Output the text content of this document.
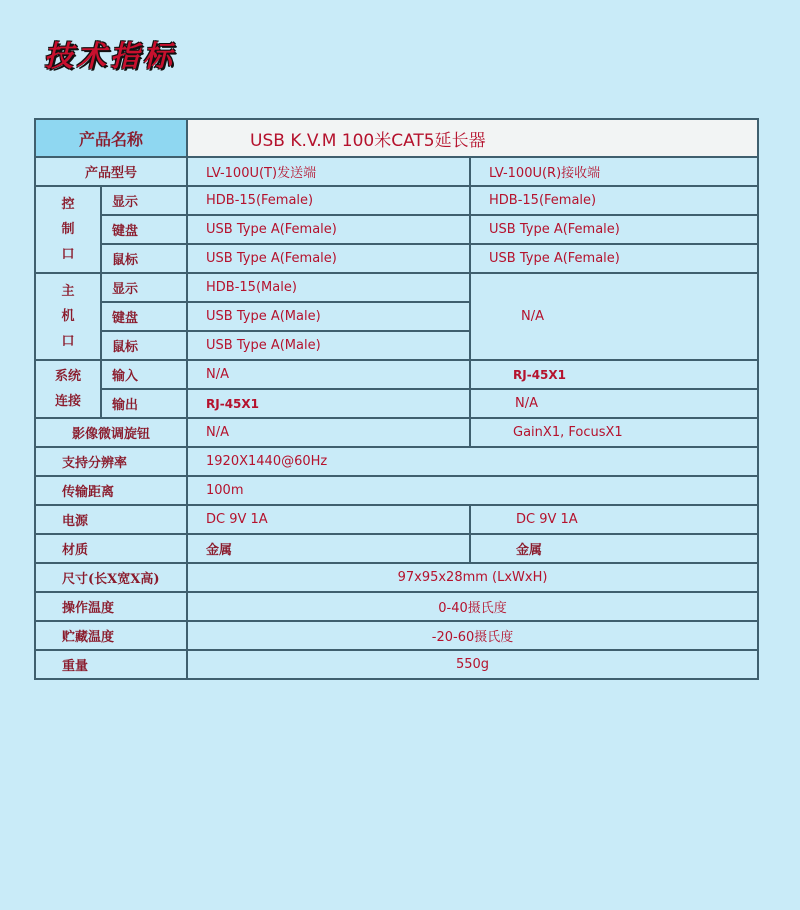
技术指标
产品名称		USB K.V.M 100米CAT5延长器	
产品型号		LV-100U(T)发送端	LV-100U(R)接收端
控
制
口	显示	HDB-15(Female)	HDB-15(Female)
	键盘	USB Type A(Female)	USB Type A(Female)
	鼠标	USB Type A(Female)	USB Type A(Female)
主
机
口	显示	HDB-15(Male)	N/A
	键盘	USB Type A(Male)	
	鼠标	USB Type A(Male)	
系统
连接	输入	N/A	RJ-45X1
	输出	RJ-45X1	N/A
影像微调旋钮		N/A	GainX1, FocusX1
支持分辨率		1920X1440@60Hz	
传输距离		100m	
电源		DC 9V 1A	DC 9V 1A
材质		金属	金属
尺寸(长X宽X高)		97x95x28mm (LxWxH)	
操作温度		0-40摄氏度	
贮藏温度		-20-60摄氏度	
重量		550g	
